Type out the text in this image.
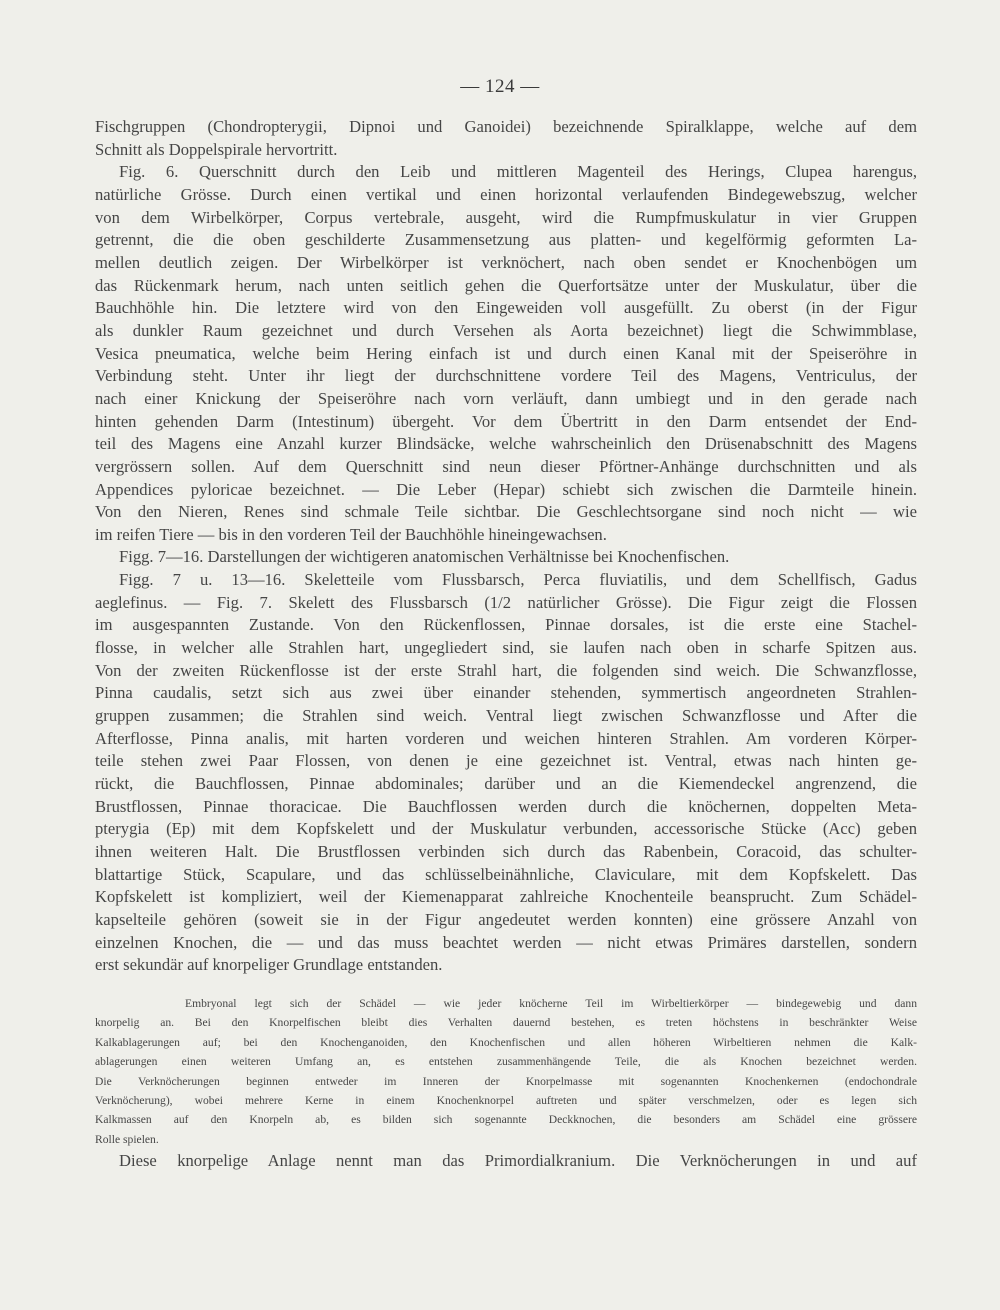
— 124 —
Fischgruppen (Chondropterygii, Dipnoi und Ganoidei) bezeichnende Spiralklappe, welche auf dem
Schnitt als Doppelspirale hervortritt.
Fig. 6. Querschnitt durch den Leib und mittleren Magenteil des Herings, Clupea harengus,
natürliche Grösse. Durch einen vertikal und einen horizontal verlaufenden Bindegewebszug, welcher
von dem Wirbelkörper, Corpus vertebrale, ausgeht, wird die Rumpfmuskulatur in vier Gruppen
getrennt, die die oben geschilderte Zusammensetzung aus platten- und kegelförmig geformten La-
mellen deutlich zeigen. Der Wirbelkörper ist verknöchert, nach oben sendet er Knochenbögen um
das Rückenmark herum, nach unten seitlich gehen die Querfortsätze unter der Muskulatur, über die
Bauchhöhle hin. Die letztere wird von den Eingeweiden voll ausgefüllt. Zu oberst (in der Figur
als dunkler Raum gezeichnet und durch Versehen als Aorta bezeichnet) liegt die Schwimmblase,
Vesica pneumatica, welche beim Hering einfach ist und durch einen Kanal mit der Speiseröhre in
Verbindung steht. Unter ihr liegt der durchschnittene vordere Teil des Magens, Ventriculus, der
nach einer Knickung der Speiseröhre nach vorn verläuft, dann umbiegt und in den gerade nach
hinten gehenden Darm (Intestinum) übergeht. Vor dem Übertritt in den Darm entsendet der End-
teil des Magens eine Anzahl kurzer Blindsäcke, welche wahrscheinlich den Drüsenabschnitt des Magens
vergrössern sollen. Auf dem Querschnitt sind neun dieser Pförtner-Anhänge durchschnitten und als
Appendices pyloricae bezeichnet. — Die Leber (Hepar) schiebt sich zwischen die Darmteile hinein.
Von den Nieren, Renes sind schmale Teile sichtbar. Die Geschlechtsorgane sind noch nicht — wie
im reifen Tiere — bis in den vorderen Teil der Bauchhöhle hineingewachsen.
Figg. 7—16. Darstellungen der wichtigeren anatomischen Verhältnisse bei Knochenfischen.
Figg. 7 u. 13—16. Skeletteile vom Flussbarsch, Perca fluviatilis, und dem Schellfisch, Gadus
aeglefinus. — Fig. 7. Skelett des Flussbarsch (1/2 natürlicher Grösse). Die Figur zeigt die Flossen
im ausgespannten Zustande. Von den Rückenflossen, Pinnae dorsales, ist die erste eine Stachel-
flosse, in welcher alle Strahlen hart, ungegliedert sind, sie laufen nach oben in scharfe Spitzen aus.
Von der zweiten Rückenflosse ist der erste Strahl hart, die folgenden sind weich. Die Schwanzflosse,
Pinna caudalis, setzt sich aus zwei über einander stehenden, symmertisch angeordneten Strahlen-
gruppen zusammen; die Strahlen sind weich. Ventral liegt zwischen Schwanzflosse und After die
Afterflosse, Pinna analis, mit harten vorderen und weichen hinteren Strahlen. Am vorderen Körper-
teile stehen zwei Paar Flossen, von denen je eine gezeichnet ist. Ventral, etwas nach hinten ge-
rückt, die Bauchflossen, Pinnae abdominales; darüber und an die Kiemendeckel angrenzend, die
Brustflossen, Pinnae thoracicae. Die Bauchflossen werden durch die knöchernen, doppelten Meta-
pterygia (Ep) mit dem Kopfskelett und der Muskulatur verbunden, accessorische Stücke (Acc) geben
ihnen weiteren Halt. Die Brustflossen verbinden sich durch das Rabenbein, Coracoid, das schulter-
blattartige Stück, Scapulare, und das schlüsselbeinähnliche, Claviculare, mit dem Kopfskelett. Das
Kopfskelett ist kompliziert, weil der Kiemenapparat zahlreiche Knochenteile beansprucht. Zum Schädel-
kapselteile gehören (soweit sie in der Figur angedeutet werden konnten) eine grössere Anzahl von
einzelnen Knochen, die — und das muss beachtet werden — nicht etwas Primäres darstellen, sondern
erst sekundär auf knorpeliger Grundlage entstanden.
Embryonal legt sich der Schädel — wie jeder knöcherne Teil im Wirbeltierkörper — bindegewebig und dann
knorpelig an. Bei den Knorpelfischen bleibt dies Verhalten dauernd bestehen, es treten höchstens in beschränkter Weise
Kalkablagerungen auf; bei den Knochenganoiden, den Knochenfischen und allen höheren Wirbeltieren nehmen die Kalk-
ablagerungen einen weiteren Umfang an, es entstehen zusammenhängende Teile, die als Knochen bezeichnet werden.
Die Verknöcherungen beginnen entweder im Inneren der Knorpelmasse mit sogenannten Knochenkernen (endochondrale
Verknöcherung), wobei mehrere Kerne in einem Knochenknorpel auftreten und später verschmelzen, oder es legen sich
Kalkmassen auf den Knorpeln ab, es bilden sich sogenannte Deckknochen, die besonders am Schädel eine grössere
Rolle spielen.
Diese knorpelige Anlage nennt man das Primordialkranium. Die Verknöcherungen in und auf
